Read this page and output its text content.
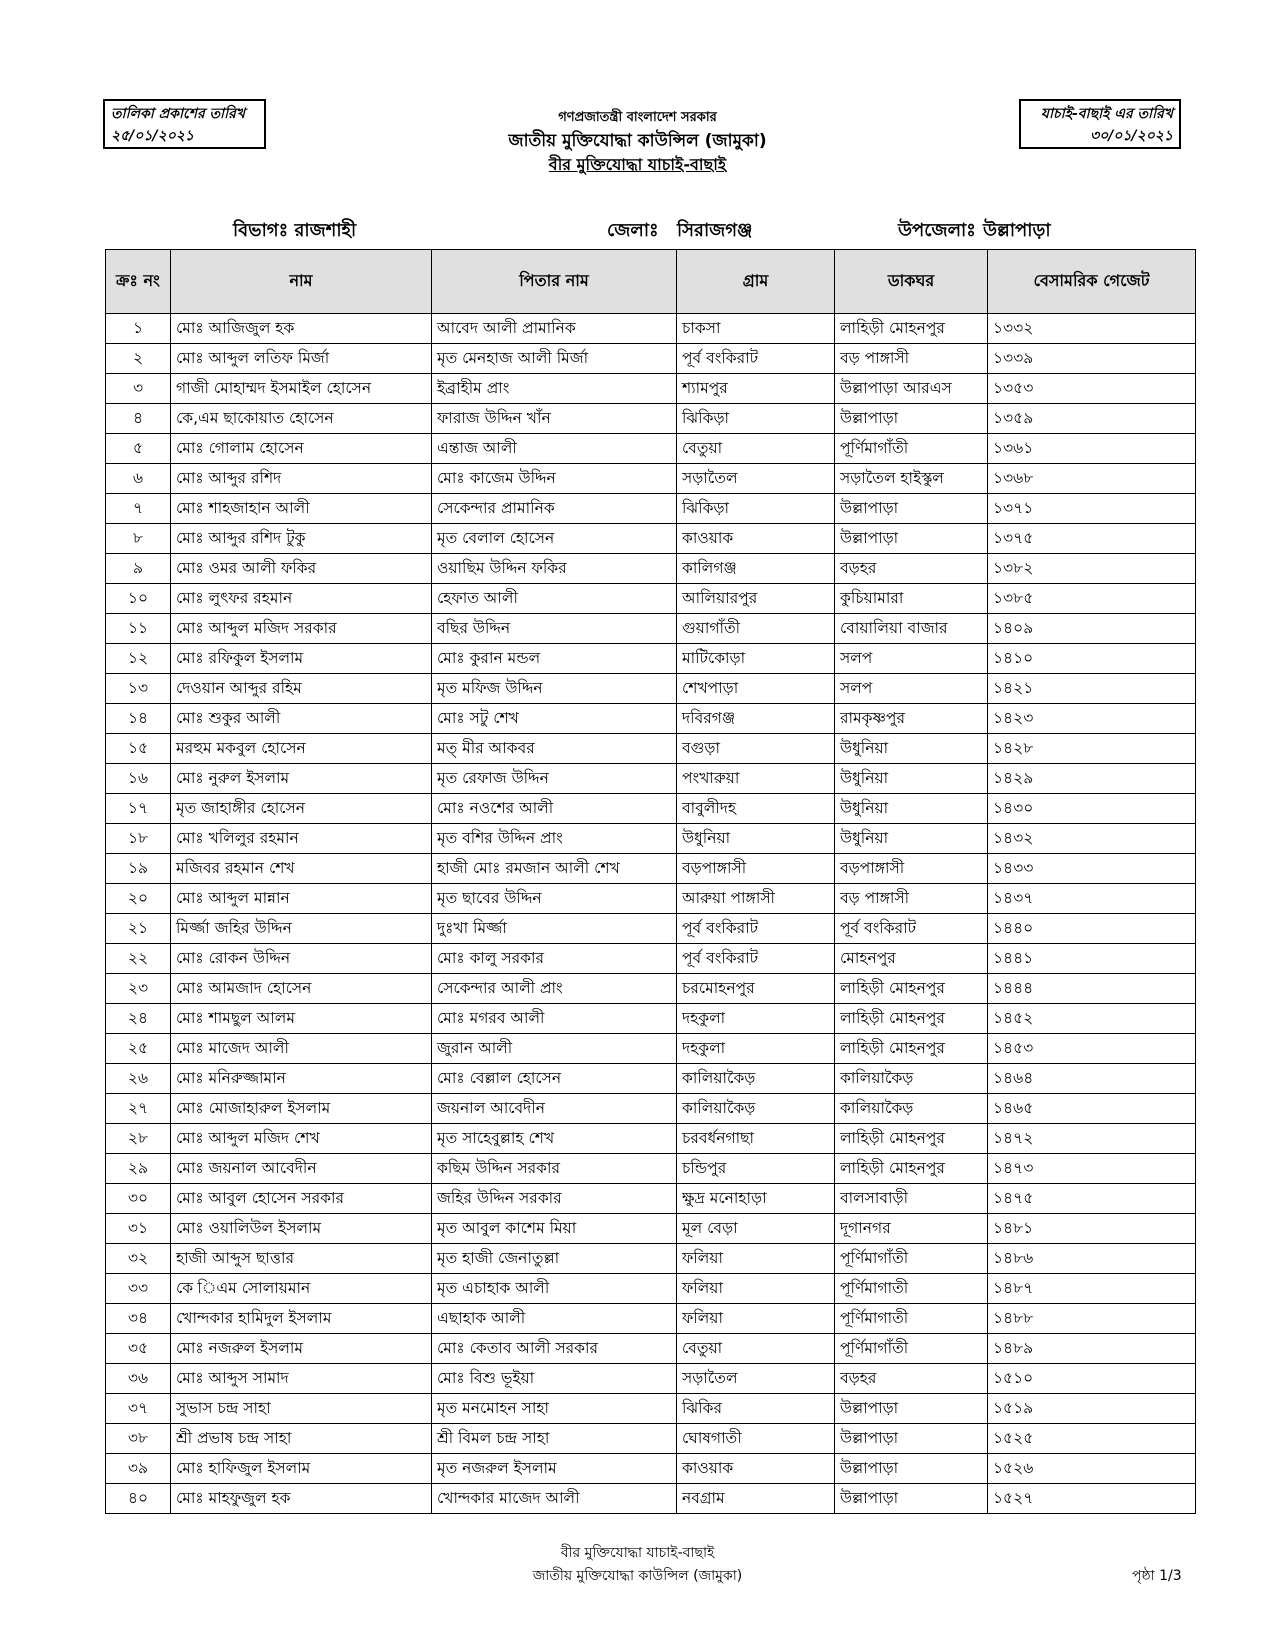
তালিকা প্রকাশের তারিখ
২৫/০১/২০২১
যাচাই-বাছাই এর তারিখ
৩০/০১/২০২১
গণপ্রজাতন্ত্রী বাংলাদেশ সরকার
জাতীয় মুক্তিযোদ্ধা কাউন্সিল (জামুকা)
বীর মুক্তিযোদ্ধা যাচাই-বাছাই
বিভাগঃ রাজশাহী	জেলাঃ সিরাজগঞ্জ	উপজেলাঃ উল্লাপাড়া
ক্রঃ নং	নাম	পিতার নাম	গ্রাম	ডাকঘর	বেসামরিক গেজেট
১	মোঃ আজিজুল হক	আবেদ আলী প্রামানিক	চাকসা	লাহিড়ী মোহনপুর	১৩৩২
২	মোঃ আব্দুল লতিফ মির্জা	মৃত মেনহাজ আলী মির্জা	পূর্ব বংকিরাট	বড় পাঙ্গাসী	১৩৩৯
৩	গাজী মোহাম্মদ ইসমাইল হোসেন	ইব্রাহীম প্রাং	শ্যামপুর	উল্লাপাড়া আরএস	১৩৫৩
৪	কে,এম ছাকোয়াত হোসেন	ফারাজ উদ্দিন খাঁন	ঝিকিড়া	উল্লাপাড়া	১৩৫৯
৫	মোঃ গোলাম হোসেন	এন্তাজ আলী	বেতুয়া	পূর্ণিমাগাঁতী	১৩৬১
৬	মোঃ আব্দুর রশিদ	মোঃ কাজেম উদ্দিন	সড়াতৈল	সড়াতৈল হাইস্কুল	১৩৬৮
৭	মোঃ শাহজাহান আলী	সেকেন্দার প্রামানিক	ঝিকিড়া	উল্লাপাড়া	১৩৭১
৮	মোঃ আব্দুর রশিদ টুকু	মৃত বেলাল হোসেন	কাওয়াক	উল্লাপাড়া	১৩৭৫
৯	মোঃ ওমর আলী ফকির	ওয়াছিম উদ্দিন ফকির	কালিগঞ্জ	বড়হর	১৩৮২
১০	মোঃ লুৎফর রহমান	হেফাত আলী	আলিয়ারপুর	কুচিয়ামারা	১৩৮৫
১১	মোঃ আব্দুল মজিদ সরকার	বছির উদ্দিন	গুয়াগাঁতী	বোয়ালিয়া বাজার	১৪০৯
১২	মোঃ রফিকুল ইসলাম	মোঃ কুরান মন্ডল	মাটিকোড়া	সলপ	১৪১০
১৩	দেওয়ান আব্দুর রহিম	মৃত মফিজ উদ্দিন	শেখপাড়া	সলপ	১৪২১
১৪	মোঃ শুকুর আলী	মোঃ সটু শেখ	দবিরগঞ্জ	রামকৃষ্ণপুর	১৪২৩
১৫	মরহুম মকবুল হোসেন	মত্‌ মীর আকবর	বগুড়া	উধুনিয়া	১৪২৮
১৬	মোঃ নুরুল ইসলাম	মৃত রেফাজ উদ্দিন	পংখারুয়া	উধুনিয়া	১৪২৯
১৭	মৃত জাহাঙ্গীর হোসেন	মোঃ নওশের আলী	বাবুলীদহ	উধুনিয়া	১৪৩০
১৮	মোঃ খলিলুর রহমান	মৃত বশির উদ্দিন প্রাং	উধুনিয়া	উধুনিয়া	১৪৩২
১৯	মজিবর রহমান শেখ	হাজী মোঃ রমজান আলী শেখ	বড়পাঙ্গাসী	বড়পাঙ্গাসী	১৪৩৩
২০	মোঃ আব্দুল মান্নান	মৃত ছাবের উদ্দিন	আরুয়া পাঙ্গাসী	বড় পাঙ্গাসী	১৪৩৭
২১	মির্জ্জা জহির উদ্দিন	দুঃখা মির্জ্জা	পূর্ব বংকিরাট	পূর্ব বংকিরাট	১৪৪০
২২	মোঃ রোকন উদ্দিন	মোঃ কালু সরকার	পূর্ব বংকিরাট	মোহনপুর	১৪৪১
২৩	মোঃ আমজাদ হোসেন	সেকেন্দার আলী প্রাং	চরমোহনপুর	লাহিড়ী মোহনপুর	১৪৪৪
২৪	মোঃ শামছুল আলম	মোঃ মগরব আলী	দহকুলা	লাহিড়ী মোহনপুর	১৪৫২
২৫	মোঃ মাজেদ আলী	জুরান আলী	দহকুলা	লাহিড়ী মোহনপুর	১৪৫৩
২৬	মোঃ মনিরুজ্জামান	মোঃ বেল্লাল হোসেন	কালিয়াকৈড়	কালিয়াকৈড়	১৪৬৪
২৭	মোঃ মোজাহারুল ইসলাম	জয়নাল আবেদীন	কালিয়াকৈড়	কালিয়াকৈড়	১৪৬৫
২৮	মোঃ আব্দুল মজিদ শেখ	মৃত সাহেবুল্লাহ শেখ	চরবর্ধনগাছা	লাহিড়ী মোহনপুর	১৪৭২
২৯	মোঃ জয়নাল আবেদীন	কছিম উদ্দিন সরকার	চন্ডিপুর	লাহিড়ী মোহনপুর	১৪৭৩
৩০	মোঃ আবুল হোসেন সরকার	জহির উদ্দিন সরকার	ক্ষুদ্র মনোহাড়া	বালসাবাড়ী	১৪৭৫
৩১	মোঃ ওয়ালিউল ইসলাম	মৃত আবুল কাশেম মিয়া	মূল বেড়া	দূগানগর	১৪৮১
৩২	হাজী আব্দুস ছাত্তার	মৃত হাজী জেনাতুল্লা	ফলিয়া	পূর্ণিমাগাঁতী	১৪৮৬
৩৩	কে িএম সোলায়মান	মৃত এচাহাক আলী	ফলিয়া	পূর্ণিমাগাতী	১৪৮৭
৩৪	খোন্দকার হামিদুল ইসলাম	এছাহাক আলী	ফলিয়া	পূর্ণিমাগাতী	১৪৮৮
৩৫	মোঃ নজরুল ইসলাম	মোঃ কেতাব আলী সরকার	বেতুয়া	পূর্ণিমাগাঁতী	১৪৮৯
৩৬	মোঃ আব্দুস সামাদ	মোঃ বিশু ভূইয়া	সড়াতৈল	বড়হর	১৫১০
৩৭	সুভাস চন্দ্র সাহা	মৃত মনমোহন সাহা	ঝিকির	উল্লাপাড়া	১৫১৯
৩৮	শ্রী প্রভাষ চন্দ্র সাহা	শ্রী বিমল চন্দ্র সাহা	ঘোষগাতী	উল্লাপাড়া	১৫২৫
৩৯	মোঃ হাফিজুল ইসলাম	মৃত নজরুল ইসলাম	কাওয়াক	উল্লাপাড়া	১৫২৬
৪০	মোঃ মাহফুজুল হক	খোন্দকার মাজেদ আলী	নবগ্রাম	উল্লাপাড়া	১৫২৭
বীর মুক্তিযোদ্ধা যাচাই-বাছাই
জাতীয় মুক্তিযোদ্ধা কাউন্সিল (জামুকা)	পৃষ্ঠা 1/3
